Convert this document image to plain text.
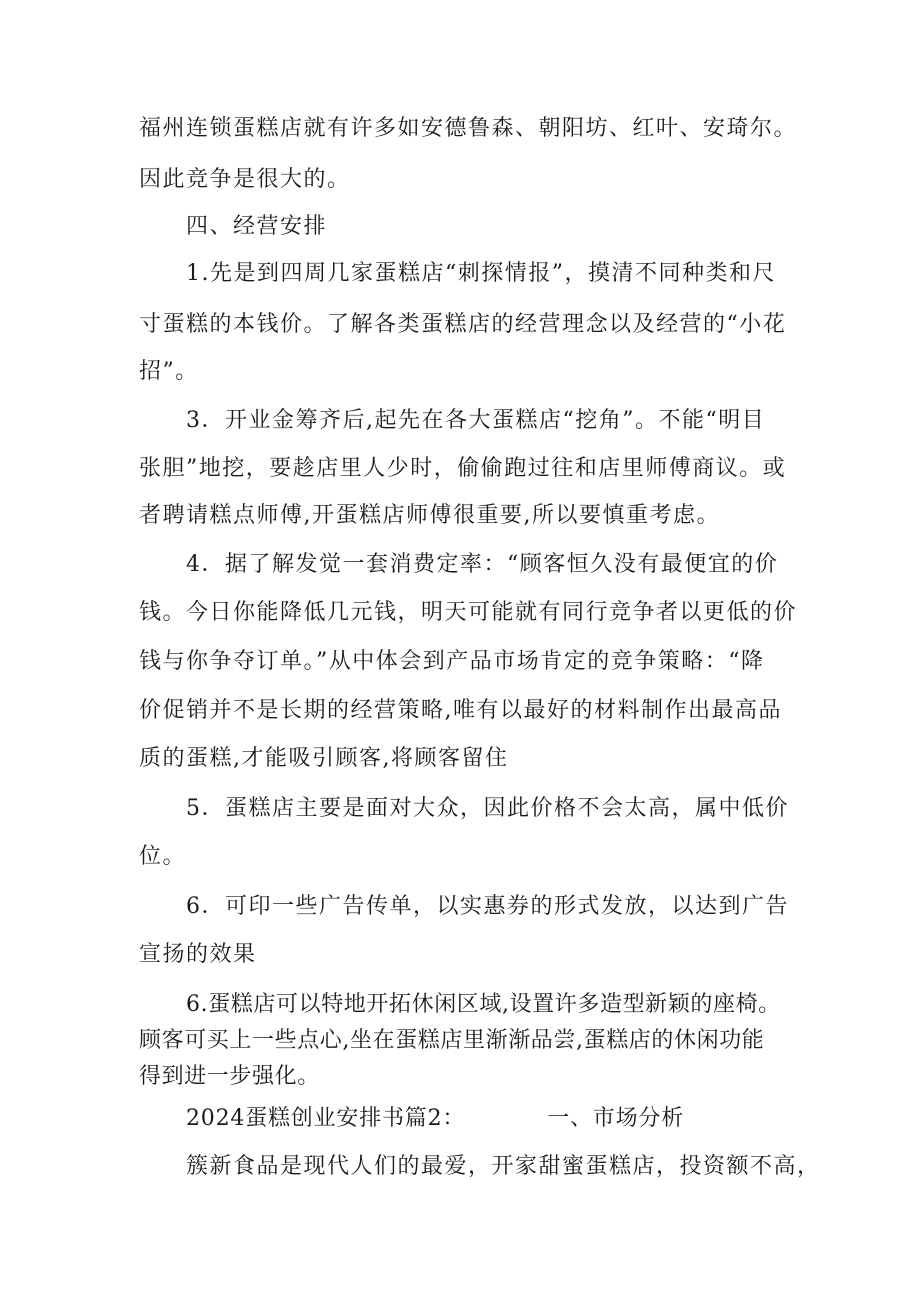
福州连锁蛋糕店就有许多如安德鲁森、朝阳坊、红叶、安琦尔。
因此竞争是很大的。
四、经营安排
1.先是到四周几家蛋糕店“刺探情报”，摸清不同种类和尺
寸蛋糕的本钱价。了解各类蛋糕店的经营理念以及经营的“小花
招”。
3．开业金筹齐后,起先在各大蛋糕店“挖角”。不能“明目
张胆”地挖，要趁店里人少时，偷偷跑过往和店里师傅商议。或
者聘请糕点师傅,开蛋糕店师傅很重要,所以要慎重考虑。
4．据了解发觉一套消费定率：“顾客恒久没有最便宜的价
钱。今日你能降低几元钱，明天可能就有同行竞争者以更低的价
钱与你争夺订单。”从中体会到产品市场肯定的竞争策略：“降
价促销并不是长期的经营策略,唯有以最好的材料制作出最高品
质的蛋糕,才能吸引顾客,将顾客留住
5．蛋糕店主要是面对大众，因此价格不会太高，属中低价
位。
6．可印一些广告传单，以实惠券的形式发放，以达到广告
宣扬的效果
6.蛋糕店可以特地开拓休闲区域,设置许多造型新颖的座椅。
顾客可买上一些点心,坐在蛋糕店里渐渐品尝,蛋糕店的休闲功能
得到进一步强化。
2024蛋糕创业安排书篇2：	一、市场分析
簇新食品是现代人们的最爱，开家甜蜜蛋糕店，投资额不高，
